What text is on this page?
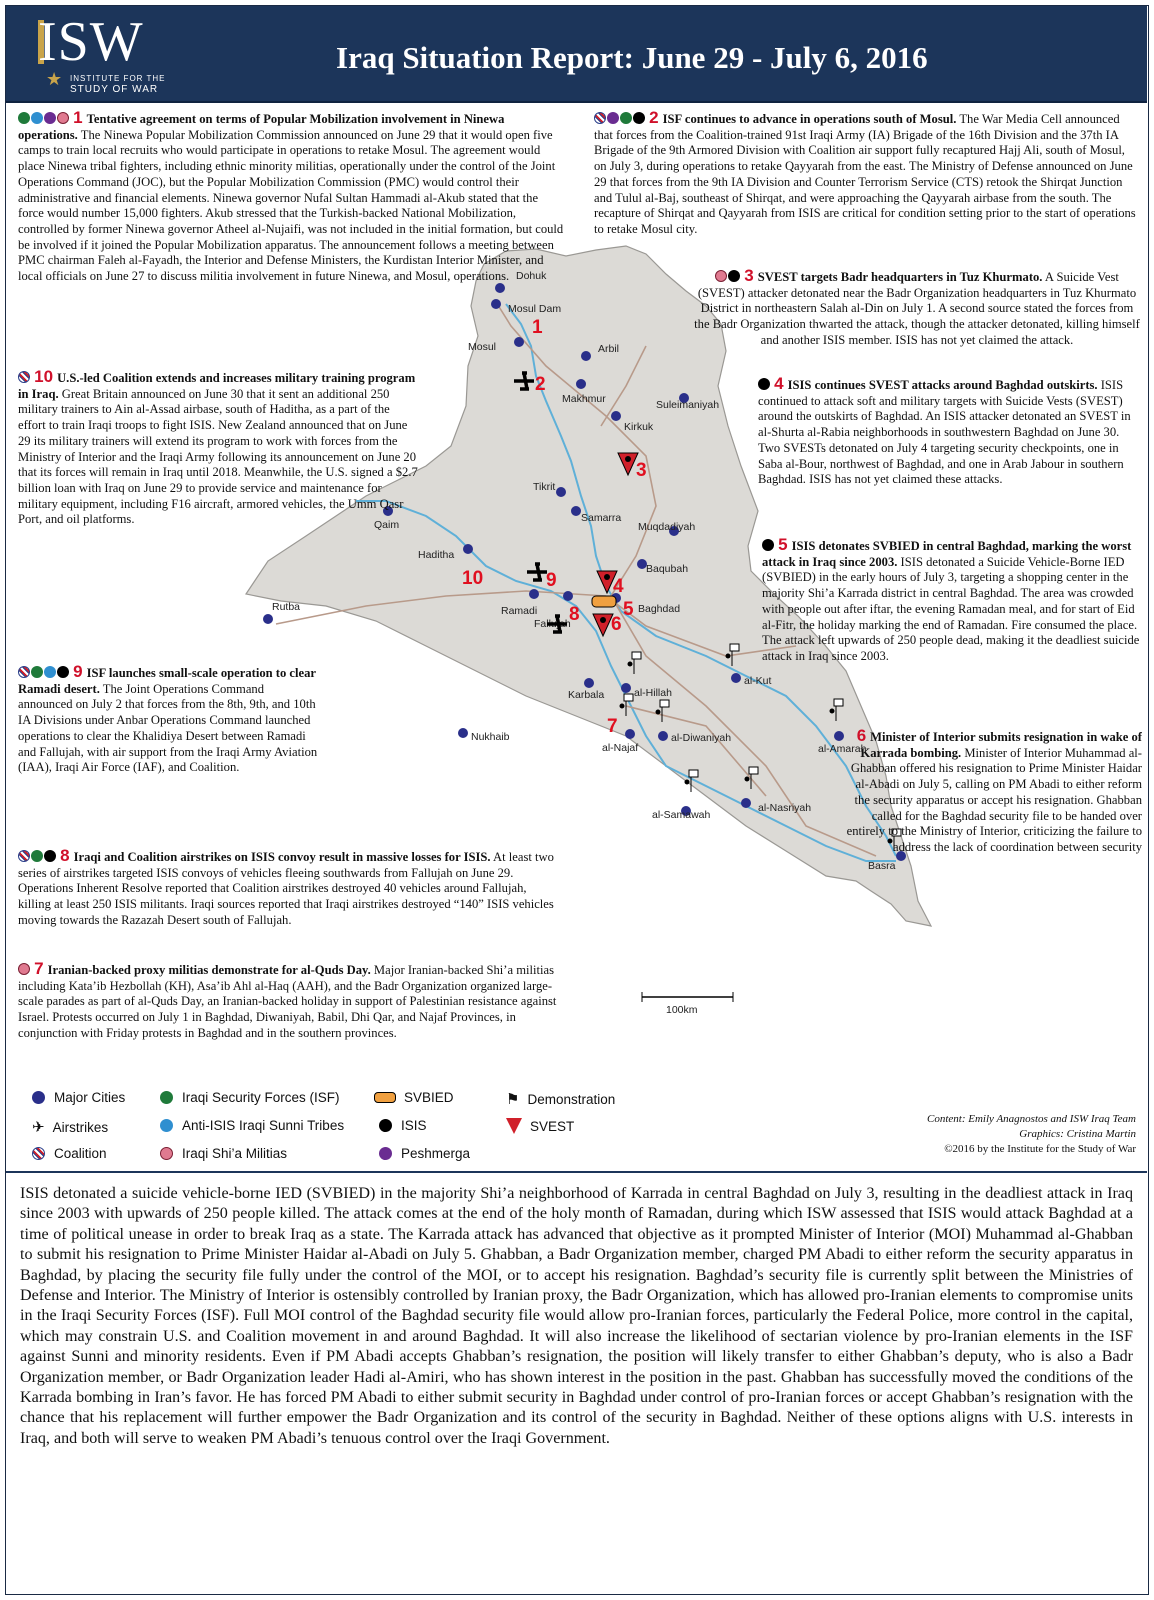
ISW
★ INSTITUTE FOR THE
STUDY OF WAR
Iraq Situation Report: June 29 - July 6, 2016
Dohuk
Mosul Dam
Mosul	Arbil
Makhmur	Suleimaniyah
Kirkuk
Tikrit
Samarra
Muqdadiyah
Baqubah
Qaim
Haditha
Rutba	Ramadi
Fallujah
Baghdad
Karbala	al-Hillah
al-Kut
Nukhaib
al-Najaf
al-Diwaniyah
al-Amarah
al-Samawah
al-Nasriyah
Basra
1
2
3
4
5
6
7
8
9
10
100km
1 Tentative agreement on terms of Popular Mobilization involvement in Ninewa operations. The Ninewa Popular Mobilization Commission announced on June 29 that it would open five camps to train local recruits who would participate in operations to retake Mosul. The agreement would place Ninewa tribal fighters, including ethnic minority militias, operationally under the control of the Joint Operations Command (JOC), but the Popular Mobilization Commission (PMC) would control their administrative and financial elements. Ninewa governor Nufal Sultan Hammadi al-Akub stated that the force would number 15,000 fighters. Akub stressed that the Turkish-backed National Mobilization, controlled by former Ninewa governor Atheel al-Nujaifi, was not included in the initial formation, but could be involved if it joined the Popular Mobilization apparatus. The announcement follows a meeting between PMC chairman Faleh al-Fayadh, the Interior and Defense Ministers, the Kurdistan Interior Minister, and local officials on June 27 to discuss militia involvement in future Ninewa, and Mosul, operations.
2 ISF continues to advance in operations south of Mosul. The War Media Cell announced that forces from the Coalition-trained 91st Iraqi Army (IA) Brigade of the 16th Division and the 37th IA Brigade of the 9th Armored Division with Coalition air support fully recaptured Hajj Ali, south of Mosul, on July 3, during operations to retake Qayyarah from the east. The Ministry of Defense announced on June 29 that forces from the 9th IA Division and Counter Terrorism Service (CTS) retook the Shirqat Junction and Tulul al-Baj, southeast of Shirqat, and were approaching the Qayyarah airbase from the south. The recapture of Shirqat and Qayyarah from ISIS are critical for condition setting prior to the start of operations to retake Mosul city.
3 SVEST targets Badr headquarters in Tuz Khurmato. A Suicide Vest (SVEST) attacker detonated near the Badr Organization headquarters in Tuz Khurmato District in northeastern Salah al-Din on July 1. A second source stated the forces from the Badr Organization thwarted the attack, though the attacker detonated, killing himself and another ISIS member. ISIS has not yet claimed the attack.
10 U.S.-led Coalition extends and increases military training program in Iraq. Great Britain announced on June 30 that it sent an additional 250 military trainers to Ain al-Assad airbase, south of Haditha, as a part of the effort to train Iraqi troops to fight ISIS. New Zealand announced that on June 29 its military trainers will extend its program to work with forces from the Ministry of Interior and the Iraqi Army following its announcement on June 20 that its forces will remain in Iraq until 2018. Meanwhile, the U.S. signed a $2.7 billion loan with Iraq on June 29 to provide service and maintenance for military equipment, including F16 aircraft, armored vehicles, the Umm Qasr Port, and oil platforms.
4 ISIS continues SVEST attacks around Baghdad outskirts. ISIS continued to attack soft and military targets with Suicide Vests (SVEST) around the outskirts of Baghdad. An ISIS attacker detonated an SVEST in al-Shurta al-Rabia neighborhoods in southwestern Baghdad on June 30. Two SVESTs detonated on July 4 targeting security checkpoints, one in Saba al-Bour, northwest of Baghdad, and one in Arab Jabour in southern Baghdad. ISIS has not yet claimed these attacks.
5 ISIS detonates SVBIED in central Baghdad, marking the worst attack in Iraq since 2003. ISIS detonated a Suicide Vehicle-Borne IED (SVBIED) in the early hours of July 3, targeting a shopping center in the majority Shi’a Karrada district in central Baghdad. The area was crowded with people out after iftar, the evening Ramadan meal, and for start of Eid al-Fitr, the holiday marking the end of Ramadan. Fire consumed the place. The attack left upwards of 250 people dead, making it the deadliest suicide attack in Iraq since 2003.
9 ISF launches small-scale operation to clear Ramadi desert. The Joint Operations Command announced on July 2 that forces from the 8th, 9th, and 10th IA Divisions under Anbar Operations Command launched operations to clear the Khalidiya Desert between Ramadi and Fallujah, with air support from the Iraqi Army Aviation (IAA), Iraqi Air Force (IAF), and Coalition.
6 Minister of Interior submits resignation in wake of Karrada bombing. Minister of Interior Muhammad al-Ghabban offered his resignation to Prime Minister Haidar al-Abadi on July 5, calling on PM Abadi to either reform the security apparatus or accept his resignation. Ghabban called for the Baghdad security file to be handed over entirely to the Ministry of Interior, criticizing the failure to address the lack of coordination between security
8 Iraqi and Coalition airstrikes on ISIS convoy result in massive losses for ISIS. At least two series of airstrikes targeted ISIS convoys of vehicles fleeing southwards from Fallujah on June 29. Operations Inherent Resolve reported that Coalition airstrikes destroyed 40 vehicles around Fallujah, killing at least 250 ISIS militants. Iraqi sources reported that Iraqi airstrikes destroyed “140” ISIS vehicles moving towards the Razazah Desert south of Fallujah.
7 Iranian-backed proxy militias demonstrate for al-Quds Day. Major Iranian-backed Shi’a militias including Kata’ib Hezbollah (KH), Asa’ib Ahl al-Haq (AAH), and the Badr Organization organized large-scale parades as part of al-Quds Day, an Iranian-backed holiday in support of Palestinian resistance against Israel. Protests occurred on July 1 in Baghdad, Diwaniyah, Babil, Dhi Qar, and Najaf Provinces, in conjunction with Friday protests in Baghdad and in the southern provinces.
Major Cities
✈ Airstrikes
Coalition
Iraqi Security Forces (ISF)
Anti-ISIS Iraqi Sunni Tribes
Iraqi Shi’a Militias
SVBIED
ISIS
Peshmerga
⚑ Demonstration
SVEST	Content: Emily Anagnostos and ISW Iraq Team
Graphics: Cristina Martin
©2016 by the Institute for the Study of War
ISIS detonated a suicide vehicle-borne IED (SVBIED) in the majority Shi’a neighborhood of Karrada in central Baghdad on July 3, resulting in the deadliest attack in Iraq since 2003 with upwards of 250 people killed. The attack comes at the end of the holy month of Ramadan, during which ISW assessed that ISIS would attack Baghdad at a time of political unease in order to break Iraq as a state. The Karrada attack has advanced that objective as it prompted Minister of Interior (MOI) Muhammad al-Ghabban to submit his resignation to Prime Minister Haidar al-Abadi on July 5. Ghabban, a Badr Organization member, charged PM Abadi to either reform the security apparatus in Baghdad, by placing the security file fully under the control of the MOI, or to accept his resignation. Baghdad’s security file is currently split between the Ministries of Defense and Interior. The Ministry of Interior is ostensibly controlled by Iranian proxy, the Badr Organization, which has allowed pro-Iranian elements to compromise units in the Iraqi Security Forces (ISF). Full MOI control of the Baghdad security file would allow pro-Iranian forces, particularly the Federal Police, more control in the capital, which may constrain U.S. and Coalition movement in and around Baghdad. It will also increase the likelihood of sectarian violence by pro-Iranian elements in the ISF against Sunni and minority residents. Even if PM Abadi accepts Ghabban’s resignation, the position will likely transfer to either Ghabban’s deputy, who is also a Badr Organization member, or Badr Organization leader Hadi al-Amiri, who has shown interest in the position in the past. Ghabban has successfully moved the conditions of the Karrada bombing in Iran’s favor. He has forced PM Abadi to either submit security in Baghdad under control of pro-Iranian forces or accept Ghabban’s resignation with the chance that his replacement will further empower the Badr Organization and its control of the security in Baghdad. Neither of these options aligns with U.S. interests in Iraq, and both will serve to weaken PM Abadi’s tenuous control over the Iraqi Government.
